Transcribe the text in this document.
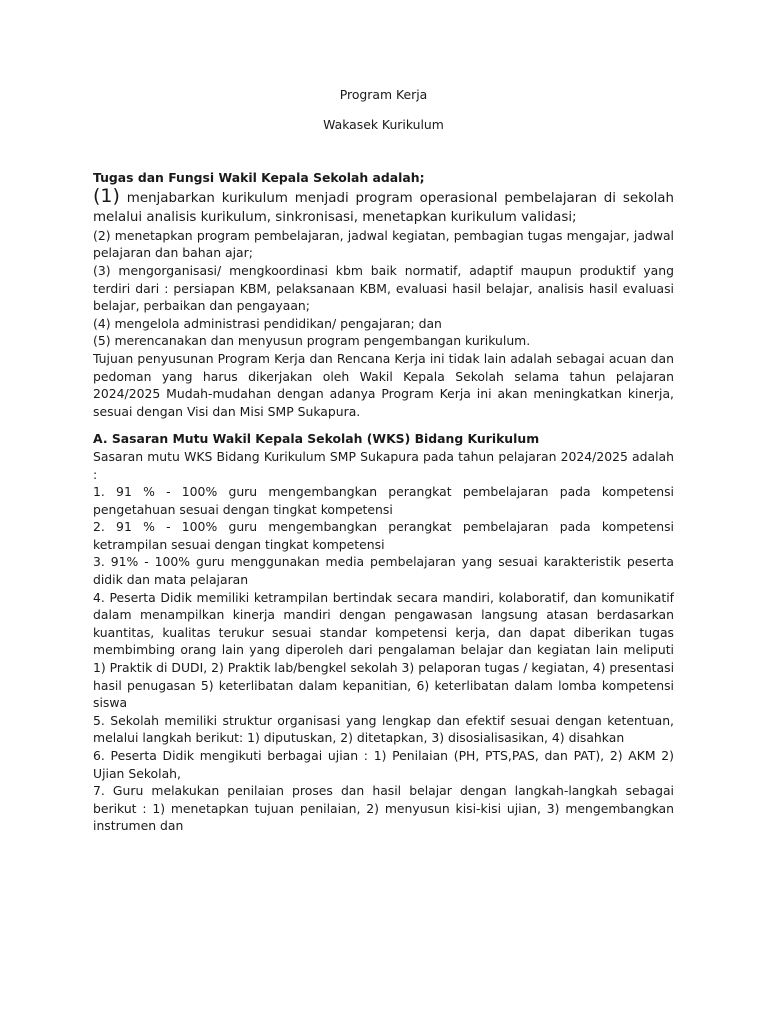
Program Kerja

Wakasek Kurikulum

Tugas dan Fungsi Wakil Kepala Sekolah adalah;

(1) menjabarkan kurikulum menjadi program operasional pembelajaran di sekolah melalui analisis kurikulum, sinkronisasi, menetapkan kurikulum validasi;

(2) menetapkan program pembelajaran, jadwal kegiatan, pembagian tugas mengajar, jadwal pelajaran dan bahan ajar;

(3) mengorganisasi/ mengkoordinasi kbm baik normatif, adaptif maupun produktif yang terdiri dari : persiapan KBM, pelaksanaan KBM, evaluasi hasil belajar, analisis hasil evaluasi belajar, perbaikan dan pengayaan;

(4) mengelola administrasi pendidikan/ pengajaran; dan

(5) merencanakan dan menyusun program pengembangan kurikulum.

Tujuan penyusunan Program Kerja dan Rencana Kerja ini tidak lain adalah sebagai acuan dan pedoman yang harus dikerjakan oleh Wakil Kepala Sekolah selama tahun pelajaran 2024/2025 Mudah-mudahan dengan adanya Program Kerja ini akan meningkatkan kinerja, sesuai dengan Visi dan Misi SMP Sukapura.

A. Sasaran Mutu Wakil Kepala Sekolah (WKS) Bidang Kurikulum

Sasaran mutu WKS Bidang Kurikulum SMP Sukapura pada tahun pelajaran 2024/2025 adalah :

1. 91 % - 100% guru mengembangkan perangkat pembelajaran pada kompetensi pengetahuan sesuai dengan tingkat kompetensi

2. 91 % - 100% guru mengembangkan perangkat pembelajaran pada kompetensi ketrampilan sesuai dengan tingkat kompetensi

3. 91% - 100% guru menggunakan media pembelajaran yang sesuai karakteristik peserta didik dan mata pelajaran

4. Peserta Didik memiliki ketrampilan bertindak secara mandiri, kolaboratif, dan komunikatif dalam menampilkan kinerja mandiri dengan pengawasan langsung atasan berdasarkan kuantitas, kualitas terukur sesuai standar kompetensi kerja, dan dapat diberikan tugas membimbing orang lain yang diperoleh dari pengalaman belajar dan kegiatan lain meliputi 1) Praktik di DUDI, 2) Praktik lab/bengkel sekolah 3) pelaporan tugas / kegiatan, 4) presentasi hasil penugasan 5) keterlibatan dalam kepanitian, 6) keterlibatan dalam lomba kompetensi siswa

5. Sekolah memiliki struktur organisasi yang lengkap dan efektif sesuai dengan ketentuan, melalui langkah berikut: 1) diputuskan, 2) ditetapkan, 3) disosialisasikan, 4) disahkan

6. Peserta Didik mengikuti berbagai ujian : 1) Penilaian (PH, PTS,PAS, dan PAT), 2) AKM 2) Ujian Sekolah,

7. Guru melakukan penilaian proses dan hasil belajar dengan langkah-langkah sebagai berikut : 1) menetapkan tujuan penilaian, 2) menyusun kisi-kisi ujian, 3) mengembangkan instrumen dan
